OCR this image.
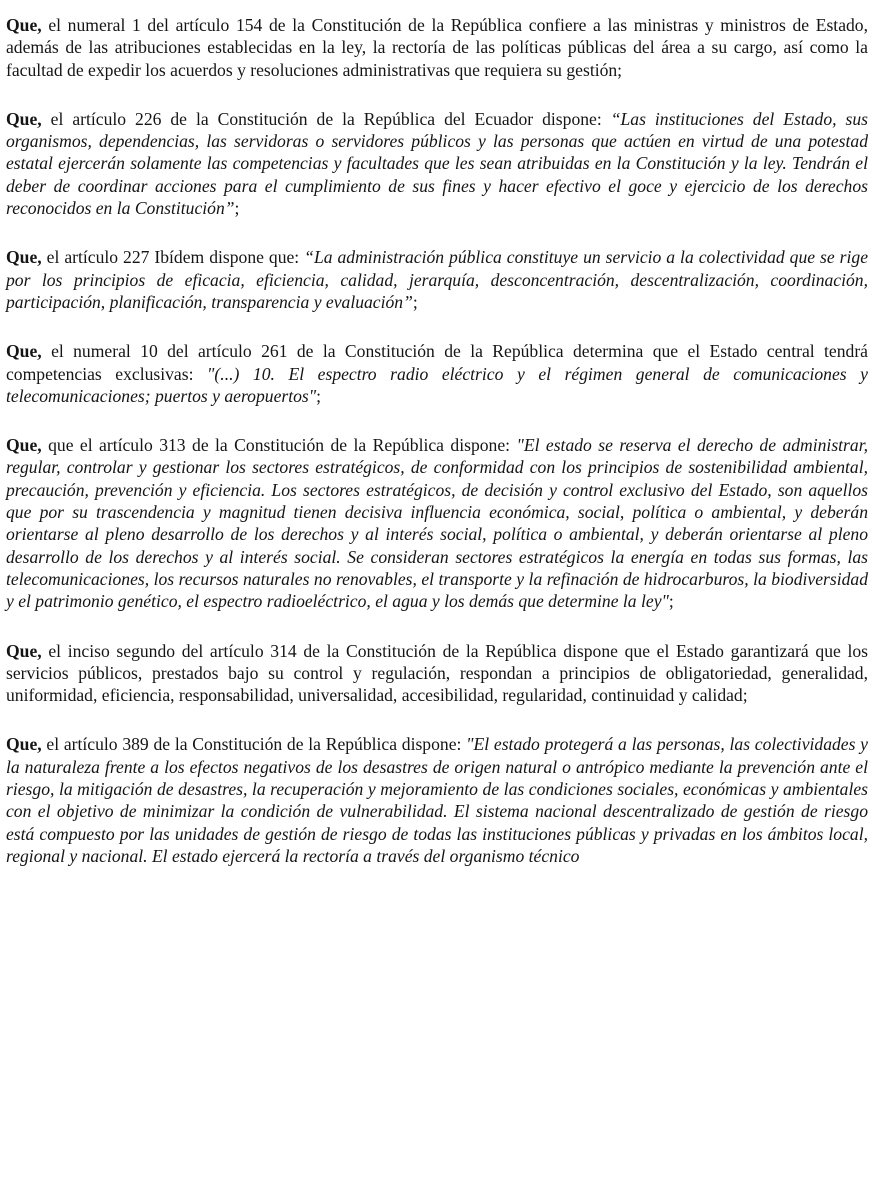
Que, el numeral 1 del artículo 154 de la Constitución de la República confiere a las ministras y ministros de Estado, además de las atribuciones establecidas en la ley, la rectoría de las políticas públicas del área a su cargo, así como la facultad de expedir los acuerdos y resoluciones administrativas que requiera su gestión;

Que, el artículo 226 de la Constitución de la República del Ecuador dispone: “Las instituciones del Estado, sus organismos, dependencias, las servidoras o servidores públicos y las personas que actúen en virtud de una potestad estatal ejercerán solamente las competencias y facultades que les sean atribuidas en la Constitución y la ley. Tendrán el deber de coordinar acciones para el cumplimiento de sus fines y hacer efectivo el goce y ejercicio de los derechos reconocidos en la Constitución”;

Que, el artículo 227 Ibídem dispone que: “La administración pública constituye un servicio a la colectividad que se rige por los principios de eficacia, eficiencia, calidad, jerarquía, desconcentración, descentralización, coordinación, participación, planificación, transparencia y evaluación”;

Que, el numeral 10 del artículo 261 de la Constitución de la República determina que el Estado central tendrá competencias exclusivas: "(...) 10. El espectro radio eléctrico y el régimen general de comunicaciones y telecomunicaciones; puertos y aeropuertos";

Que, que el artículo 313 de la Constitución de la República dispone: "El estado se reserva el derecho de administrar, regular, controlar y gestionar los sectores estratégicos, de conformidad con los principios de sostenibilidad ambiental, precaución, prevención y eficiencia. Los sectores estratégicos, de decisión y control exclusivo del Estado, son aquellos que por su trascendencia y magnitud tienen decisiva influencia económica, social, política o ambiental, y deberán orientarse al pleno desarrollo de los derechos y al interés social, política o ambiental, y deberán orientarse al pleno desarrollo de los derechos y al interés social. Se consideran sectores estratégicos la energía en todas sus formas, las telecomunicaciones, los recursos naturales no renovables, el transporte y la refinación de hidrocarburos, la biodiversidad y el patrimonio genético, el espectro radioeléctrico, el agua y los demás que determine la ley";

Que, el inciso segundo del artículo 314 de la Constitución de la República dispone que el Estado garantizará que los servicios públicos, prestados bajo su control y regulación, respondan a principios de obligatoriedad, generalidad, uniformidad, eficiencia, responsabilidad, universalidad, accesibilidad, regularidad, continuidad y calidad;

Que, el artículo 389 de la Constitución de la República dispone: "El estado protegerá a las personas, las colectividades y la naturaleza frente a los efectos negativos de los desastres de origen natural o antrópico mediante la prevención ante el riesgo, la mitigación de desastres, la recuperación y mejoramiento de las condiciones sociales, económicas y ambientales con el objetivo de minimizar la condición de vulnerabilidad. El sistema nacional descentralizado de gestión de riesgo está compuesto por las unidades de gestión de riesgo de todas las instituciones públicas y privadas en los ámbitos local, regional y nacional. El estado ejercerá la rectoría a través del organismo técnico
